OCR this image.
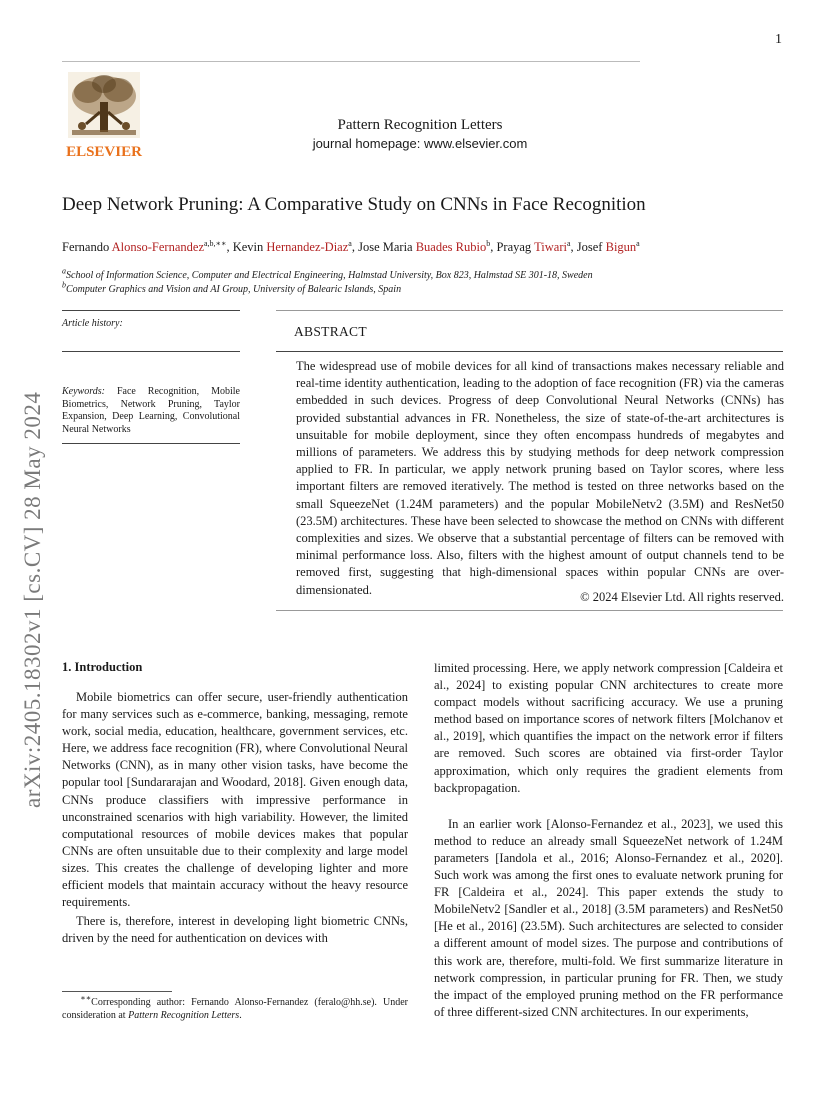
1
ELSEVIER
Pattern Recognition Letters
journal homepage: www.elsevier.com
Deep Network Pruning: A Comparative Study on CNNs in Face Recognition
Fernando Alonso-Fernandez$^{a,b,∗∗}$, Kevin Hernandez-Diaz$^a$, Jose Maria Buades Rubio$^b$, Prayag Tiwari$^a$, Josef Bigun$^a$
$^a$School of Information Science, Computer and Electrical Engineering, Halmstad University, Box 823, Halmstad SE 301-18, Sweden
$^b$Computer Graphics and Vision and AI Group, University of Balearic Islands, Spain
Article history:
Keywords: Face Recognition, Mobile Biometrics, Network Pruning, Taylor Expansion, Deep Learning, Convolutional Neural Networks
ABSTRACT

The widespread use of mobile devices for all kind of transactions makes necessary reliable and real-time identity authentication, leading to the adoption of face recognition (FR) via the cameras embedded in such devices. Progress of deep Convolutional Neural Networks (CNNs) has provided substantial advances in FR. Nonetheless, the size of state-of-the-art architectures is unsuitable for mobile deployment, since they often encompass hundreds of megabytes and millions of parameters. We address this by studying methods for deep network compression applied to FR. In particular, we apply network pruning based on Taylor scores, where less important filters are removed iteratively. The method is tested on three networks based on the small SqueezeNet (1.24M parameters) and the popular MobileNetv2 (3.5M) and ResNet50 (23.5M) architectures. These have been selected to showcase the method on CNNs with different complexities and sizes. We observe that a substantial percentage of filters can be removed with minimal performance loss. Also, filters with the highest amount of output channels tend to be removed first, suggesting that high-dimensional spaces within popular CNNs are over-dimensionated.

© 2024 Elsevier Ltd. All rights reserved.
arXiv:2405.18302v1 [cs.CV] 28 May 2024 1. Introduction

Mobile biometrics can offer secure, user-friendly authentication for many services such as e-commerce, banking, messaging, remote work, social media, education, healthcare, government services, etc. Here, we address face recognition (FR), where Convolutional Neural Networks (CNN), as in many other vision tasks, have become the popular tool [Sundararajan and Woodard, 2018]. Given enough data, CNNs produce classifiers with impressive performance in unconstrained scenarios with high variability. However, the limited computational resources of mobile devices makes that popular CNNs are often unsuitable due to their complexity and large model sizes. This creates the challenge of developing lighter and more efficient models that maintain accuracy without the heavy resource requirements.

There is, therefore, interest in developing light biometric CNNs, driven by the need for authentication on devices with

limited processing. Here, we apply network compression [Caldeira et al., 2024] to existing popular CNN architectures to create more compact models without sacrificing accuracy. We use a pruning method based on importance scores of network filters [Molchanov et al., 2019], which quantifies the impact on the network error if filters are removed. Such scores are obtained via first-order Taylor approximation, which only requires the gradient elements from backpropagation.

In an earlier work [Alonso-Fernandez et al., 2023], we used this method to reduce an already small SqueezeNet network of 1.24M parameters [Iandola et al., 2016; Alonso-Fernandez et al., 2020]. Such work was among the first ones to evaluate network pruning for FR [Caldeira et al., 2024]. This paper extends the study to MobileNetv2 [Sandler et al., 2018] (3.5M parameters) and ResNet50 [He et al., 2016] (23.5M). Such architectures are selected to consider a different amount of model sizes. The purpose and contributions of this work are, therefore, multi-fold. We first summarize literature in network compression, in particular pruning for FR. Then, we study the impact of the employed pruning method on the FR performance of three different-sized CNN architectures. In our experiments,

∗∗Corresponding author: Fernando Alonso-Fernandez (feralo@hh.se). Under consideration at Pattern Recognition Letters.
